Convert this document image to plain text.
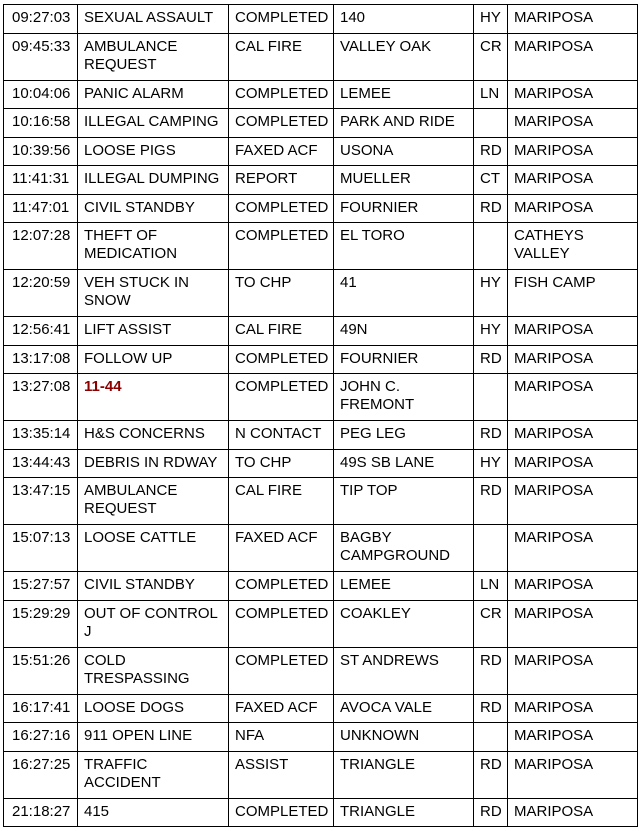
09:27:03	SEXUAL ASSAULT	COMPLETED	140	HY	MARIPOSA
09:45:33	AMBULANCE REQUEST	CAL FIRE	VALLEY OAK	CR	MARIPOSA
10:04:06	PANIC ALARM	COMPLETED	LEMEE	LN	MARIPOSA
10:16:58	ILLEGAL CAMPING	COMPLETED	PARK AND RIDE		MARIPOSA
10:39:56	LOOSE PIGS	FAXED ACF	USONA	RD	MARIPOSA
11:41:31	ILLEGAL DUMPING	REPORT	MUELLER	CT	MARIPOSA
11:47:01	CIVIL STANDBY	COMPLETED	FOURNIER	RD	MARIPOSA
12:07:28	THEFT OF MEDICATION	COMPLETED	EL TORO		CATHEYS VALLEY
12:20:59	VEH STUCK IN SNOW	TO CHP	41	HY	FISH CAMP
12:56:41	LIFT ASSIST	CAL FIRE	49N	HY	MARIPOSA
13:17:08	FOLLOW UP	COMPLETED	FOURNIER	RD	MARIPOSA
13:27:08	11-44	COMPLETED	JOHN C. FREMONT		MARIPOSA
13:35:14	H&S CONCERNS	N CONTACT	PEG LEG	RD	MARIPOSA
13:44:43	DEBRIS IN RDWAY	TO CHP	49S SB LANE	HY	MARIPOSA
13:47:15	AMBULANCE REQUEST	CAL FIRE	TIP TOP	RD	MARIPOSA
15:07:13	LOOSE CATTLE	FAXED ACF	BAGBY CAMPGROUND		MARIPOSA
15:27:57	CIVIL STANDBY	COMPLETED	LEMEE	LN	MARIPOSA
15:29:29	OUT OF CONTROL J	COMPLETED	COAKLEY	CR	MARIPOSA
15:51:26	COLD TRESPASSING	COMPLETED	ST ANDREWS	RD	MARIPOSA
16:17:41	LOOSE DOGS	FAXED ACF	AVOCA VALE	RD	MARIPOSA
16:27:16	911 OPEN LINE	NFA	UNKNOWN		MARIPOSA
16:27:25	TRAFFIC ACCIDENT	ASSIST	TRIANGLE	RD	MARIPOSA
21:18:27	415	COMPLETED	TRIANGLE	RD	MARIPOSA
